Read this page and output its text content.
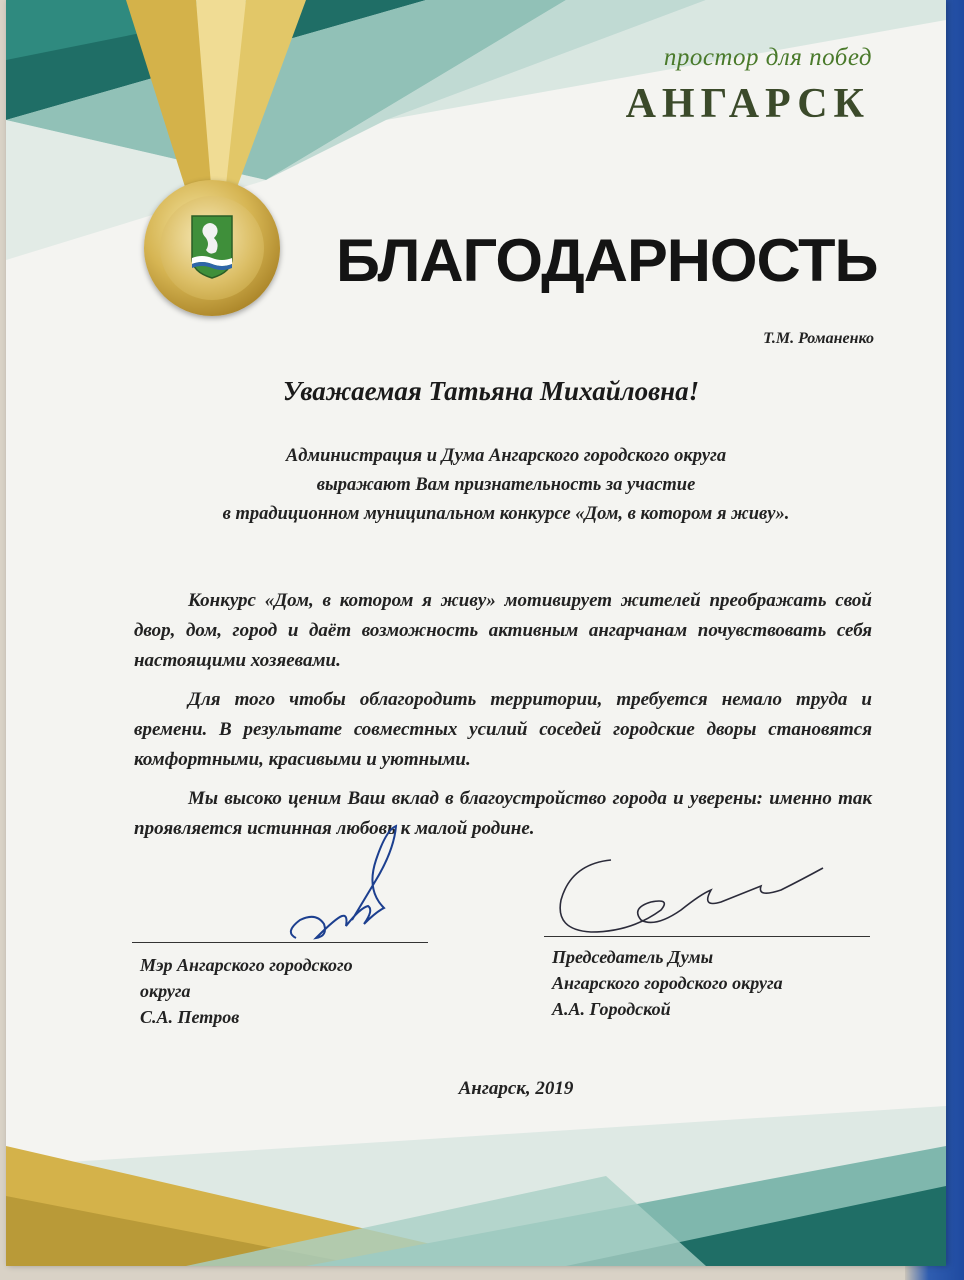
простор для побед
АНГАРСК
БЛАГОДАРНОСТЬ
Т.М. Романенко
Уважаемая Татьяна Михайловна!
Администрация и Дума Ангарского городского округа
выражают Вам признательность за участие
в традиционном муниципальном конкурсе «Дом, в котором я живу».

Конкурс «Дом, в котором я живу» мотивирует жителей преображать свой двор, дом, город и даёт возможность активным ангарчанам почувствовать себя настоящими хозяевами.

Для того чтобы облагородить территории, требуется немало труда и времени. В результате совместных усилий соседей городские дворы становятся комфортными, красивыми и уютными.

Мы высоко ценим Ваш вклад в благоустройство города и уверены: именно так проявляется истинная любовь к малой родине.

Мэр Ангарского городского
округа
С.А. Петров
Председатель Думы
Ангарского городского округа
А.А. Городской
Ангарск, 2019
